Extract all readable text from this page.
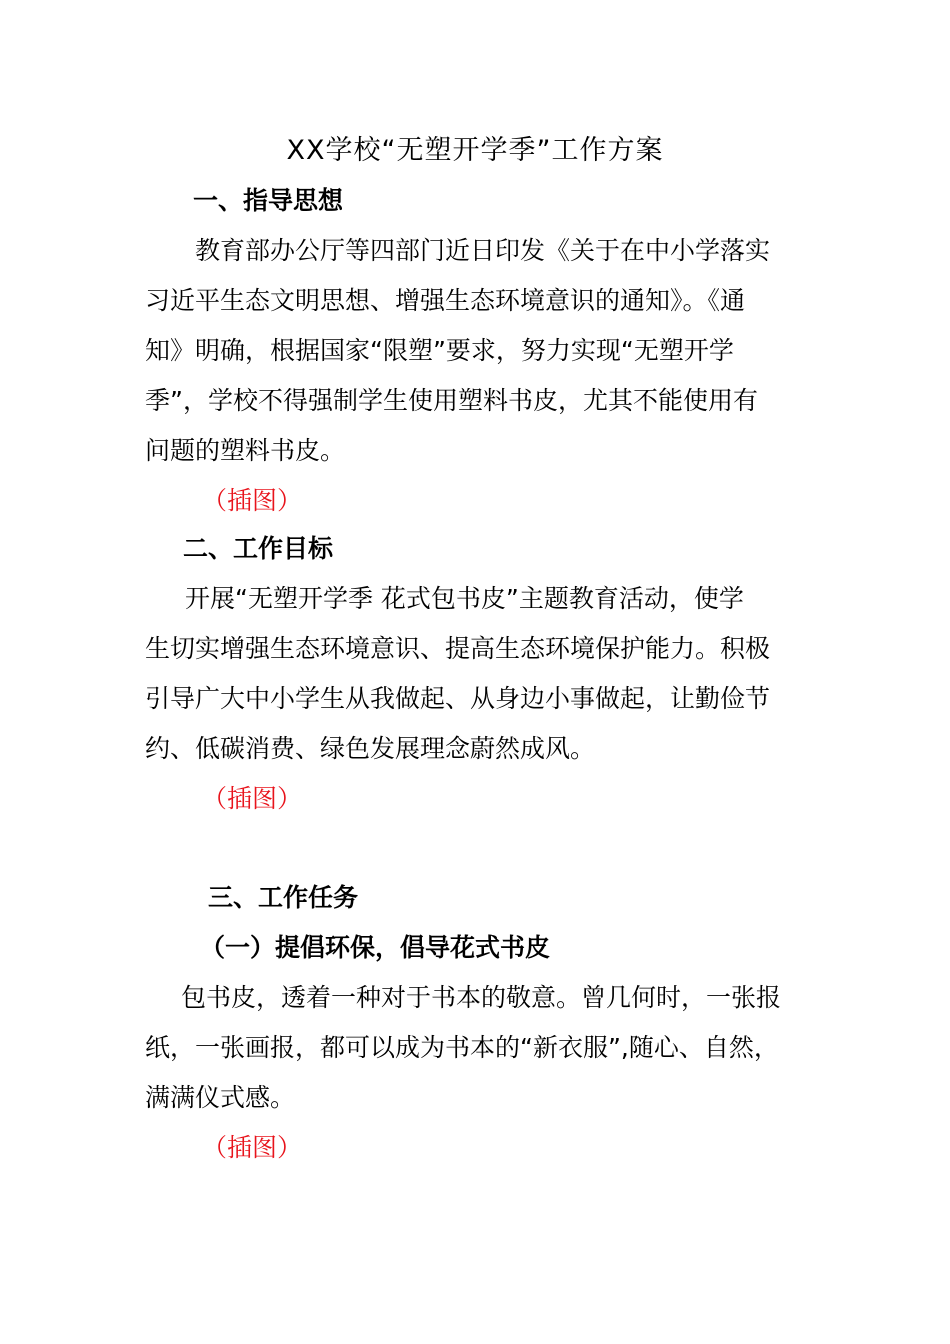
XX学校“无塑开学季”工作方案
一、指导思想
教育部办公厅等四部门近日印发《关于在中小学落实
习近平生态文明思想、增强生态环境意识的通知》。《通
知》明确，根据国家“限塑”要求，努力实现“无塑开学
季”，学校不得强制学生使用塑料书皮，尤其不能使用有
问题的塑料书皮。
（插图）
二、工作目标
开展“无塑开学季 花式包书皮”主题教育活动，使学
生切实增强生态环境意识、提高生态环境保护能力。积极
引导广大中小学生从我做起、从身边小事做起，让勤俭节
约、低碳消费、绿色发展理念蔚然成风。
（插图）
三、工作任务
（一）提倡环保，倡导花式书皮
包书皮，透着一种对于书本的敬意。曾几何时，一张报
纸，一张画报，都可以成为书本的“新衣服”,随心、自然，
满满仪式感。
（插图）
